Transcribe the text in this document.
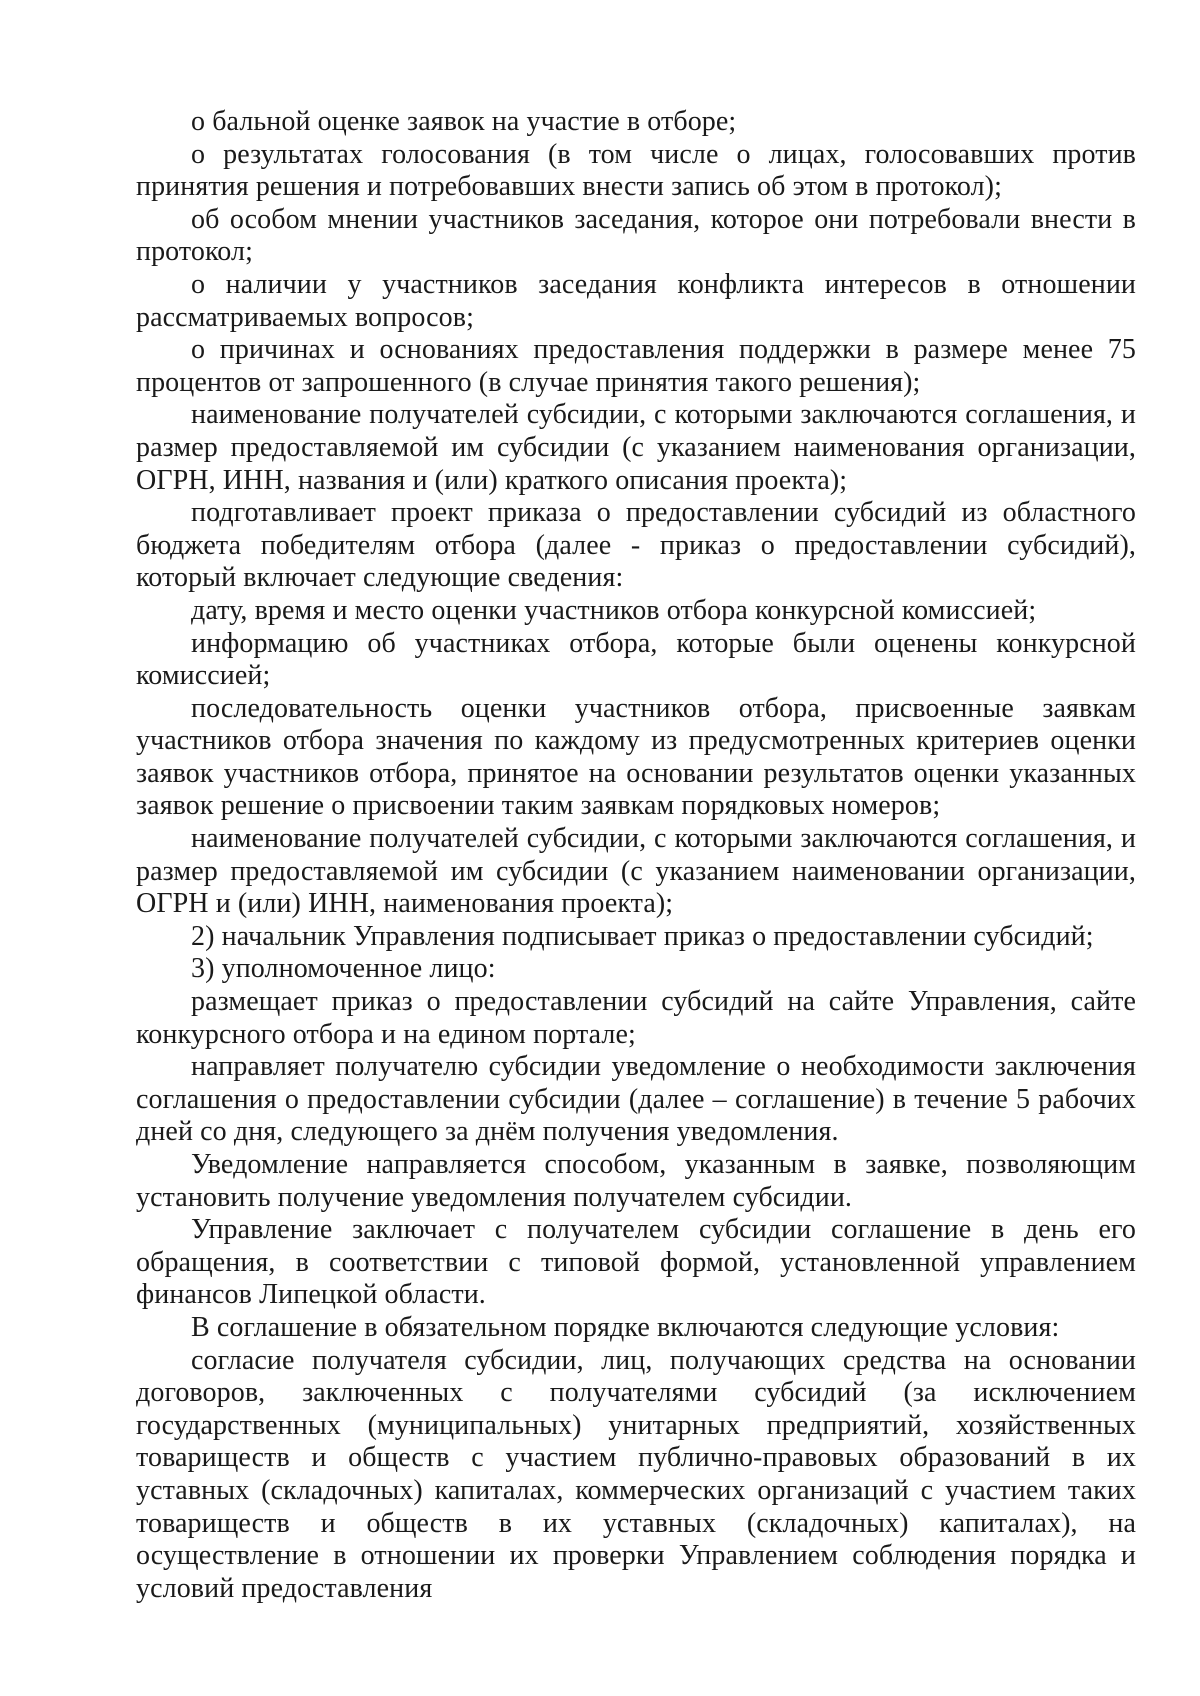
о бальной оценке заявок на участие в отборе;

о результатах голосования (в том числе о лицах, голосовавших против принятия решения и потребовавших внести запись об этом в протокол);

об особом мнении участников заседания, которое они потребовали внести в протокол;

о наличии у участников заседания конфликта интересов в отношении рассматриваемых вопросов;

о причинах и основаниях предоставления поддержки в размере менее 75 процентов от запрошенного (в случае принятия такого решения);

наименование получателей субсидии, с которыми заключаются соглашения, и размер предоставляемой им субсидии (с указанием наименования организации, ОГРН, ИНН, названия и (или) краткого описания проекта);

подготавливает проект приказа о предоставлении субсидий из областного бюджета победителям отбора (далее - приказ о предоставлении субсидий), который включает следующие сведения:

дату, время и место оценки участников отбора конкурсной комиссией;

информацию об участниках отбора, которые были оценены конкурсной комиссией;

последовательность оценки участников отбора, присвоенные заявкам участников отбора значения по каждому из предусмотренных критериев оценки заявок участников отбора, принятое на основании результатов оценки указанных заявок решение о присвоении таким заявкам порядковых номеров;

наименование получателей субсидии, с которыми заключаются соглашения, и размер предоставляемой им субсидии (с указанием наименовании организации, ОГРН и (или) ИНН, наименования проекта);

2) начальник Управления подписывает приказ о предоставлении субсидий;

3) уполномоченное лицо:

размещает приказ о предоставлении субсидий на сайте Управления, сайте конкурсного отбора и на едином портале;

направляет получателю субсидии уведомление о необходимости заключения соглашения о предоставлении субсидии (далее – соглашение) в течение 5 рабочих дней со дня, следующего за днём получения уведомления.

Уведомление направляется способом, указанным в заявке, позволяющим установить получение уведомления получателем субсидии.

Управление заключает с получателем субсидии соглашение в день его обращения, в соответствии с типовой формой, установленной управлением финансов Липецкой области.

В соглашение в обязательном порядке включаются следующие условия:

согласие получателя субсидии, лиц, получающих средства на основании договоров, заключенных с получателями субсидий (за исключением государственных (муниципальных) унитарных предприятий, хозяйственных товариществ и обществ с участием публично-правовых образований в их уставных (складочных) капиталах, коммерческих организаций с участием таких товариществ и обществ в их уставных (складочных) капиталах), на осуществление в отношении их проверки Управлением соблюдения порядка и условий предоставления
